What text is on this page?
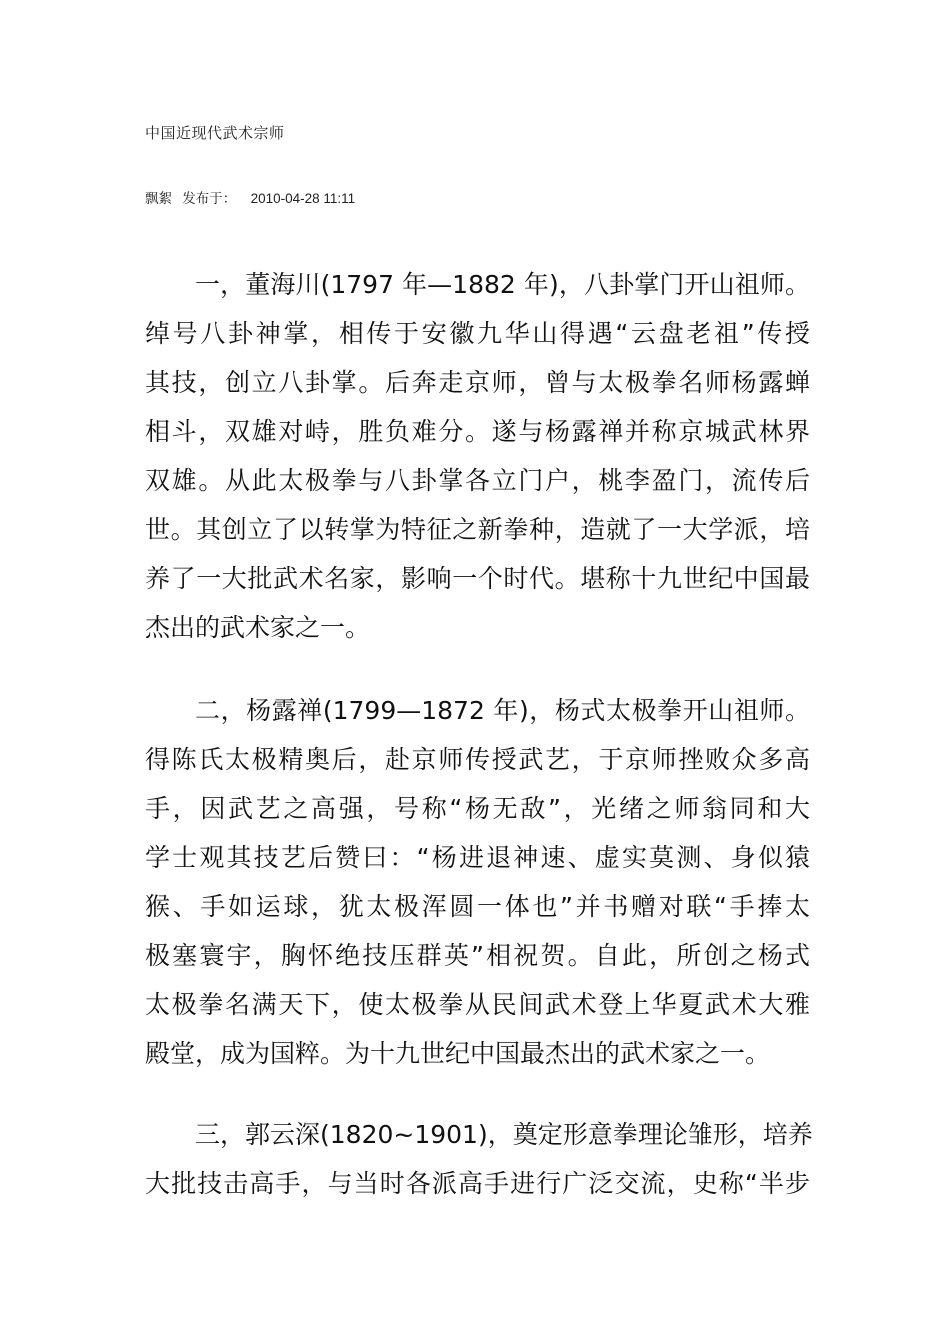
中国近现代武术宗师
飘絮 发布于： 2010-04-28 11:11
一，董海川(1797 年—1882 年)，八卦掌门开山祖师。
绰号八卦神掌，相传于安徽九华山得遇“云盘老祖”传授
其技，创立八卦掌。后奔走京师，曾与太极拳名师杨露蝉
相斗，双雄对峙，胜负难分。遂与杨露禅并称京城武林界
双雄。从此太极拳与八卦掌各立门户，桃李盈门，流传后
世。其创立了以转掌为特征之新拳种，造就了一大学派，培
养了一大批武术名家，影响一个时代。堪称十九世纪中国最
杰出的武术家之一。
二，杨露禅(1799—1872 年)，杨式太极拳开山祖师。
得陈氏太极精奥后，赴京师传授武艺，于京师挫败众多高
手，因武艺之高强，号称“杨无敌”，光绪之师翁同和大
学士观其技艺后赞曰：“杨进退神速、虚实莫测、身似猿
猴、手如运球，犹太极浑圆一体也”并书赠对联“手捧太
极塞寰宇，胸怀绝技压群英”相祝贺。自此，所创之杨式
太极拳名满天下，使太极拳从民间武术登上华夏武术大雅
殿堂，成为国粹。为十九世纪中国最杰出的武术家之一。
三，郭云深(1820~1901)，奠定形意拳理论雏形，培养
大批技击高手，与当时各派高手进行广泛交流，史称“半步
